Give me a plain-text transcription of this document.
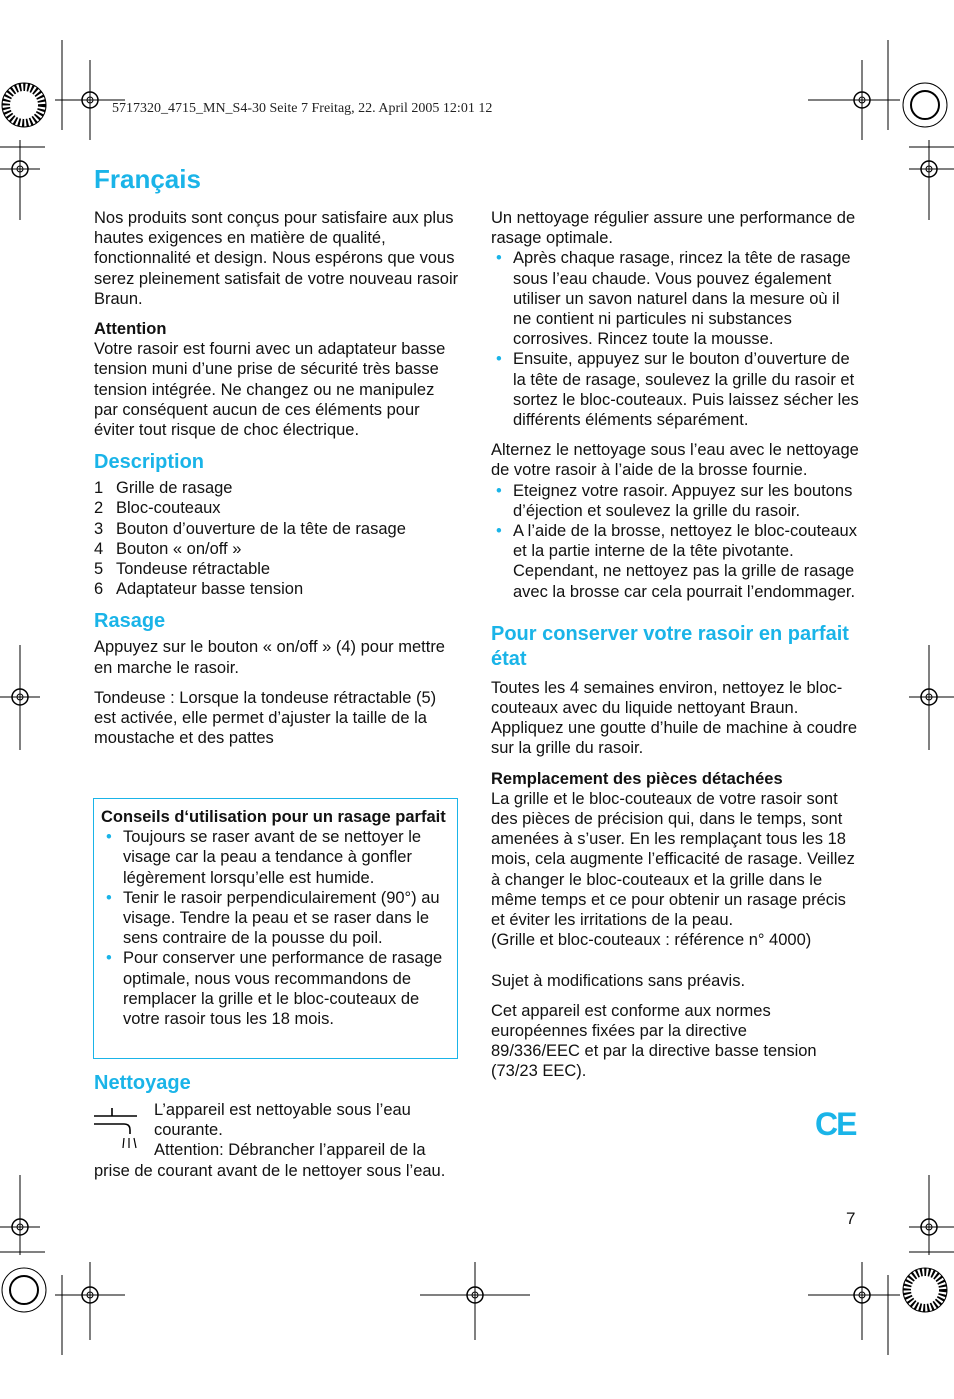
5717320_4715_MN_S4-30 Seite 7 Freitag, 22. April 2005 12:01 12
Français
Nos produits sont conçus pour satisfaire aux plus hautes exigences en matière de qualité, fonctionnalité et design. Nous espérons que vous serez pleinement satisfait de votre nouveau rasoir Braun.
Attention
Votre rasoir est fourni avec un adaptateur basse tension muni d’une prise de sécurité très basse tension intégrée. Ne changez ou ne manipulez par conséquent aucun de ces éléments pour éviter tout risque de choc électrique.
Description
1 Grille de rasage
2 Bloc-couteaux
3 Bouton d’ouverture de la tête de rasage
4 Bouton « on/off »
5 Tondeuse rétractable
6 Adaptateur basse tension
Rasage
Appuyez sur le bouton « on/off » (4) pour mettre en marche le rasoir.
Tondeuse : Lorsque la tondeuse rétractable (5) est activée, elle permet d’ajuster la taille de la moustache et des pattes
Conseils d‘utilisation pour un rasage parfait
• Toujours se raser avant de se nettoyer le visage car la peau a tendance à gonfler légèrement lorsqu’elle est humide.
• Tenir le rasoir perpendiculairement (90°) au visage. Tendre la peau et se raser dans le sens contraire de la pousse du poil.
• Pour conserver une performance de rasage optimale, nous vous recommandons de remplacer la grille et le bloc-couteaux de votre rasoir tous les 18 mois.
Nettoyage
L’appareil est nettoyable sous l’eau courante.
Attention: Débrancher l’appareil de la prise de courant avant de le nettoyer sous l’eau.
Un nettoyage régulier assure une performance de rasage optimale.
• Après chaque rasage, rincez la tête de rasage sous l’eau chaude. Vous pouvez également utiliser un savon naturel dans la mesure où il ne contient ni particules ni substances corrosives. Rincez toute la mousse.
• Ensuite, appuyez sur le bouton d’ouverture de la tête de rasage, soulevez la grille du rasoir et sortez le bloc-couteaux. Puis laissez sécher les différents éléments séparément.
Alternez le nettoyage sous l’eau avec le nettoyage de votre rasoir à l’aide de la brosse fournie.
• Eteignez votre rasoir. Appuyez sur les boutons d’éjection et soulevez la grille du rasoir.
• A l’aide de la brosse, nettoyez le bloc-couteaux et la partie interne de la tête pivotante. Cependant, ne nettoyez pas la grille de rasage avec la brosse car cela pourrait l’endommager.
Pour conserver votre rasoir en parfait état
Toutes les 4 semaines environ, nettoyez le bloc-couteaux avec du liquide nettoyant Braun. Appliquez une goutte d’huile de machine à coudre sur la grille du rasoir.
Remplacement des pièces détachées
La grille et le bloc-couteaux de votre rasoir sont des pièces de précision qui, dans le temps, sont amenées à s’user. En les remplaçant tous les 18 mois, cela augmente l’efficacité de rasage. Veillez à changer le bloc-couteaux et la grille dans le même temps et ce pour obtenir un rasage précis et éviter les irritations de la peau.
(Grille et bloc-couteaux : référence n° 4000)
Sujet à modifications sans préavis.
Cet appareil est conforme aux normes européennes fixées par la directive 89/336/EEC et par la directive basse tension (73/23 EEC).
CE
7
